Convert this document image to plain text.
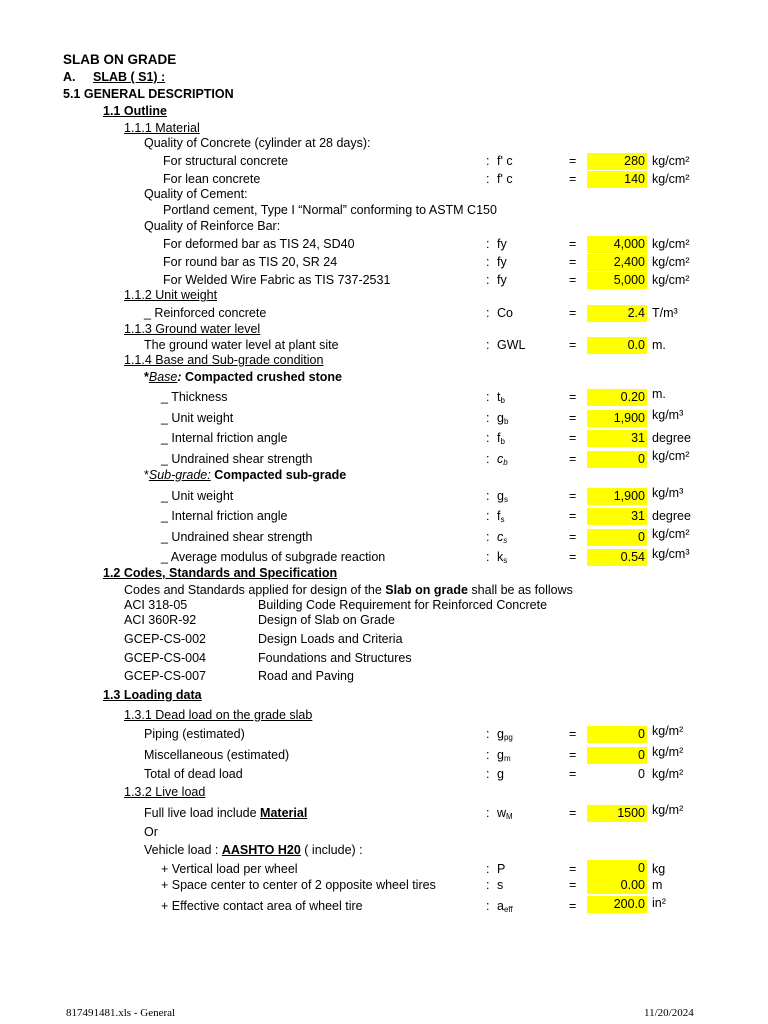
SLAB ON GRADE
A. SLAB ( S1) :
5.1 GENERAL DESCRIPTION
1.1 Outline
1.1.1 Material
Quality of Concrete (cylinder at 28 days):
For structural concrete	: f' c	=	280 kg/cm²
For lean concrete	: f' c	=	140 kg/cm²
Quality of Cement:
Portland cement, Type I “Normal” conforming to ASTM C150
Quality of Reinforce Bar:
For deformed bar as TIS 24, SD40	: fy	=	4,000 kg/cm²
For round bar as TIS 20, SR 24	: fy	=	2,400 kg/cm²
For Welded Wire Fabric as TIS 737-2531	: fy	=	5,000 kg/cm²
1.1.2 Unit weight
_ Reinforced concrete	: Co	=	2.4 T/m³
1.1.3 Ground water level
The ground water level at plant site	: GWL	=	0.0 m.
1.1.4 Base and Sub-grade condition
*Base: Compacted crushed stone
_ Thickness	: $t_b$	=	0.20 m.
_ Unit weight	: $g_b$	=	1,900 kg/m³
_ Internal friction angle	: $f_b$	=	31 degree
_ Undrained shear strength	: $c_b$	=	0 kg/cm²
*Sub-grade: Compacted sub-grade
_ Unit weight	: $g_s$	=	1,900 kg/m³
_ Internal friction angle	: $f_s$	=	31 degree
_ Undrained shear strength	: $c_s$	=	0 kg/cm²
_ Average modulus of subgrade reaction	: $k_s$	=	0.54 kg/cm³
1.2 Codes, Standards and Specification
Codes and Standards applied for design of the Slab on grade shall be as follows
ACI 318-05	Building Code Requirement for Reinforced Concrete
ACI 360R-92	Design of Slab on Grade
GCEP-CS-002	Design Loads and Criteria
GCEP-CS-004	Foundations and Structures
GCEP-CS-007	Road and Paving
1.3 Loading data
1.3.1 Dead load on the grade slab
Piping (estimated)	: $g_{pg}$	=	0 kg/m²
Miscellaneous (estimated)	: $g_m$	=	0 kg/m²
Total of dead load	: g	=	0 kg/m²
1.3.2 Live load
Full live load include Material	: $w_M$	=	1500 kg/m²
Or
Vehicle load : AASHTO H20 ( include) :
+ Vertical load per wheel	: P	=	0 kg
+ Space center to center of 2 opposite wheel tires	: s	=	0.00 m
+ Effective contact area of wheel tire	: $a_{eff}$	=	200.0 in²
817491481.xls - General	11/20/2024
